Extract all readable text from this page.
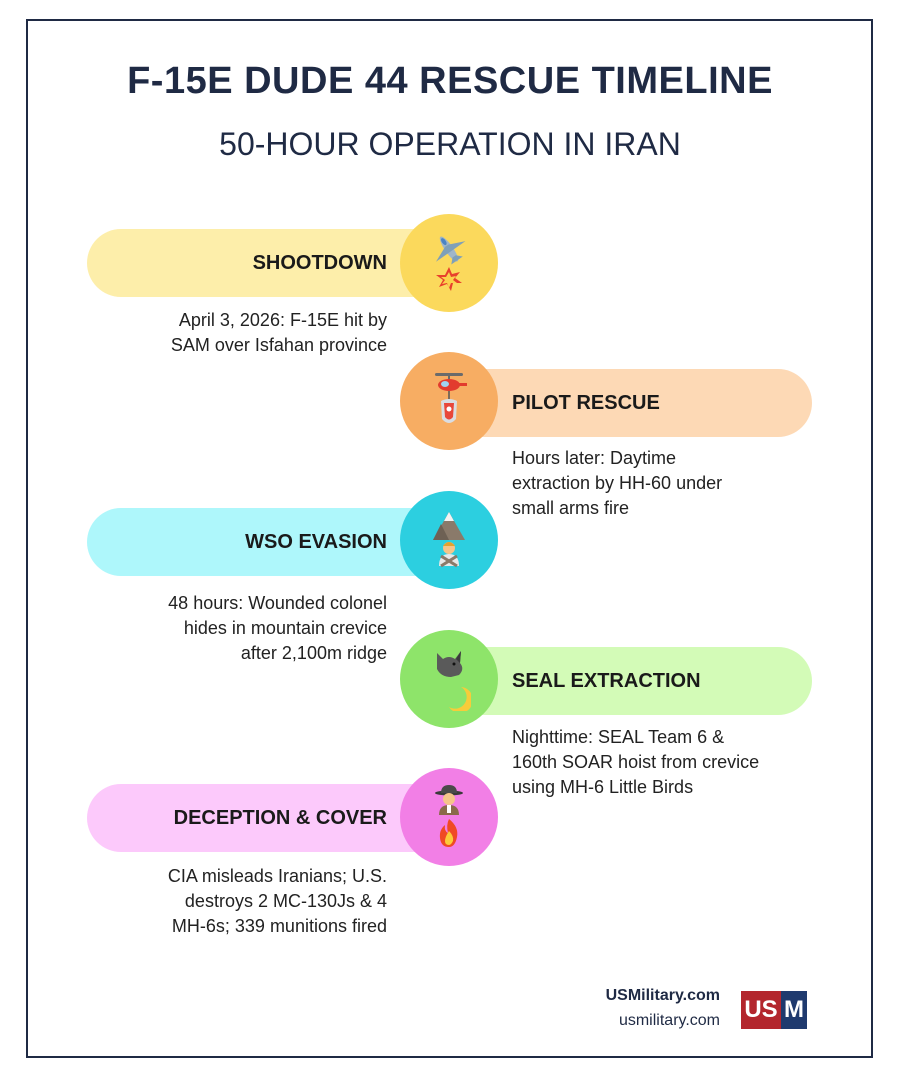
F-15E DUDE 44 RESCUE TIMELINE
50-HOUR OPERATION IN IRAN
SHOOTDOWN
April 3, 2026: F-15E hit by
SAM over Isfahan province
PILOT RESCUE
Hours later: Daytime
extraction by HH-60 under
small arms fire
WSO EVASION
48 hours: Wounded colonel
hides in mountain crevice
after 2,100m ridge
SEAL EXTRACTION
Nighttime: SEAL Team 6 &
160th SOAR hoist from crevice
using MH-6 Little Birds
DECEPTION & COVER
CIA misleads Iranians; U.S.
destroys 2 MC-130Js & 4
MH-6s; 339 munitions fired
USMilitary.com
usmilitary.com US M
